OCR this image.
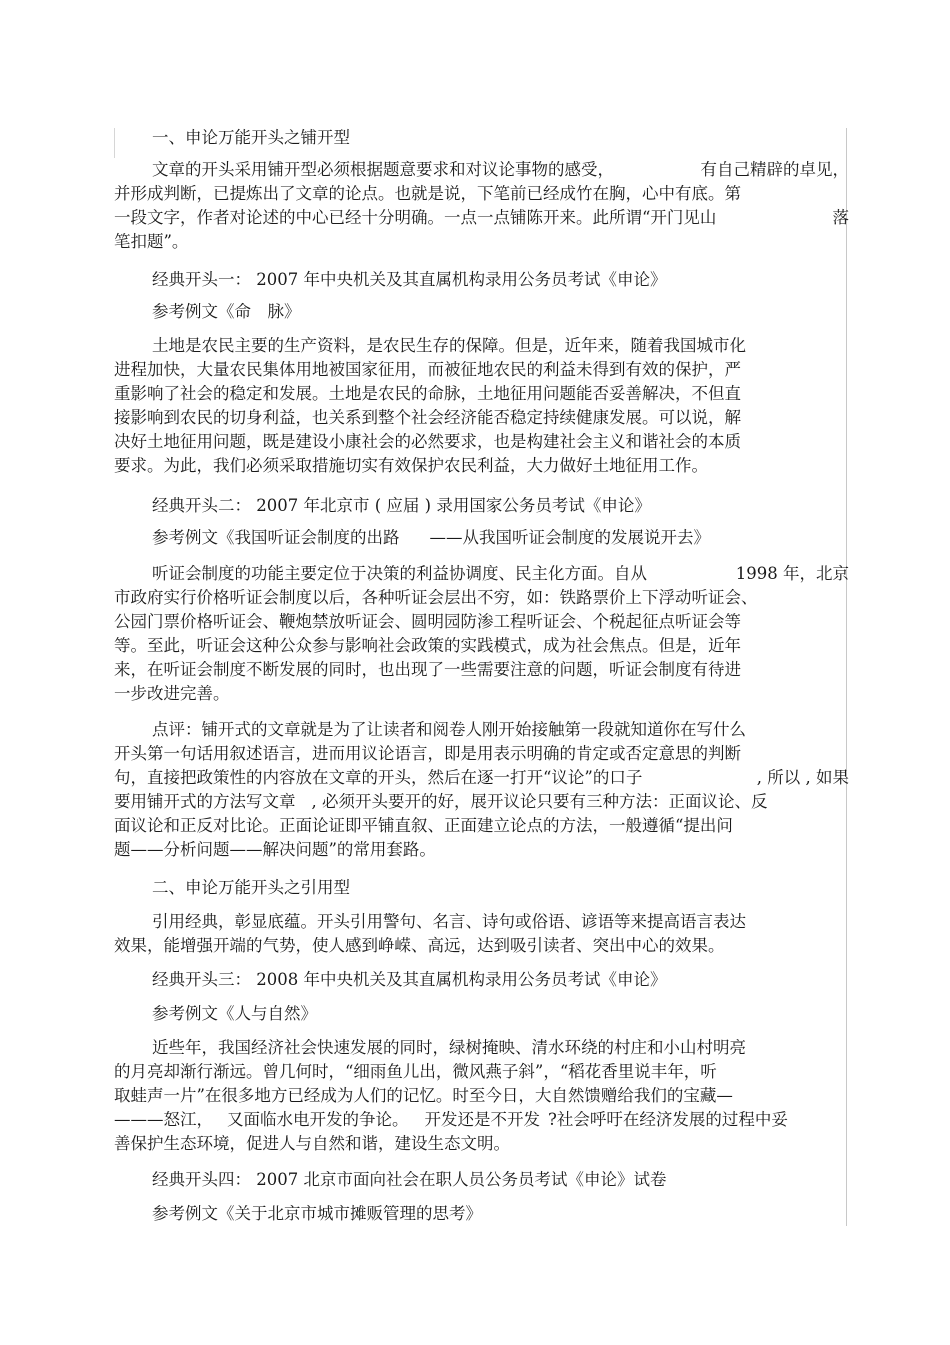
一、申论万能开头之铺开型
文章的开头采用铺开型必须根据题意要求和对议论事物的感受，	有自己精辟的卓见，
并形成判断，已提炼出了文章的论点。也就是说，下笔前已经成竹在胸，心中有底。第
一段文字，作者对论述的中心已经十分明确。一点一点铺陈开来。此所谓“开门见山	落
笔扣题”。
经典开头一： 2007 年中央机关及其直属机构录用公务员考试《申论》
参考例文《命　脉》
土地是农民主要的生产资料，是农民生存的保障。但是，近年来，随着我国城市化
进程加快，大量农民集体用地被国家征用，而被征地农民的利益未得到有效的保护，严
重影响了社会的稳定和发展。土地是农民的命脉，土地征用问题能否妥善解决，不但直
接影响到农民的切身利益，也关系到整个社会经济能否稳定持续健康发展。可以说，解
决好土地征用问题，既是建设小康社会的必然要求，也是构建社会主义和谐社会的本质
要求。为此，我们必须采取措施切实有效保护农民利益，大力做好土地征用工作。
经典开头二： 2007 年北京市 ( 应届 ) 录用国家公务员考试《申论》
参考例文《我国听证会制度的出路 ——从我国听证会制度的发展说开去》
听证会制度的功能主要定位于决策的利益协调度、民主化方面。自从	1998 年，北京
市政府实行价格听证会制度以后，各种听证会层出不穷，如：铁路票价上下浮动听证会、
公园门票价格听证会、鞭炮禁放听证会、圆明园防渗工程听证会、个税起征点听证会等
等。至此，听证会这种公众参与影响社会政策的实践模式，成为社会焦点。但是，近年
来，在听证会制度不断发展的同时，也出现了一些需要注意的问题，听证会制度有待进
一步改进完善。
点评：铺开式的文章就是为了让读者和阅卷人刚开始接触第一段就知道你在写什么
开头第一句话用叙述语言，进而用议论语言，即是用表示明确的肯定或否定意思的判断
句，直接把政策性的内容放在文章的开头，然后在逐一打开“议论”的口子	, 所以 , 如果
要用铺开式的方法写文章 , 必须开头要开的好，展开议论只要有三种方法：正面议论、反
面议论和正反对比论。正面论证即平铺直叙、正面建立论点的方法，一般遵循“提出问
题——分析问题——解决问题”的常用套路。
二、申论万能开头之引用型
引用经典，彰显底蕴。开头引用警句、名言、诗句或俗语、谚语等来提高语言表达
效果，能增强开端的气势，使人感到峥嵘、高远，达到吸引读者、突出中心的效果。
经典开头三： 2008 年中央机关及其直属机构录用公务员考试《申论》
参考例文《人与自然》
近些年，我国经济社会快速发展的同时，绿树掩映、清水环绕的村庄和小山村明亮
的月亮却渐行渐远。曾几何时，“细雨鱼儿出，微风燕子斜”，“稻花香里说丰年，听
取蛙声一片”在很多地方已经成为人们的记忆。时至今日，大自然馈赠给我们的宝藏—
———怒江， 又面临水电开发的争论。 开发还是不开发 ?社会呼吁在经济发展的过程中妥
善保护生态环境，促进人与自然和谐，建设生态文明。
经典开头四： 2007 北京市面向社会在职人员公务员考试《申论》试卷
参考例文《关于北京市城市摊贩管理的思考》
